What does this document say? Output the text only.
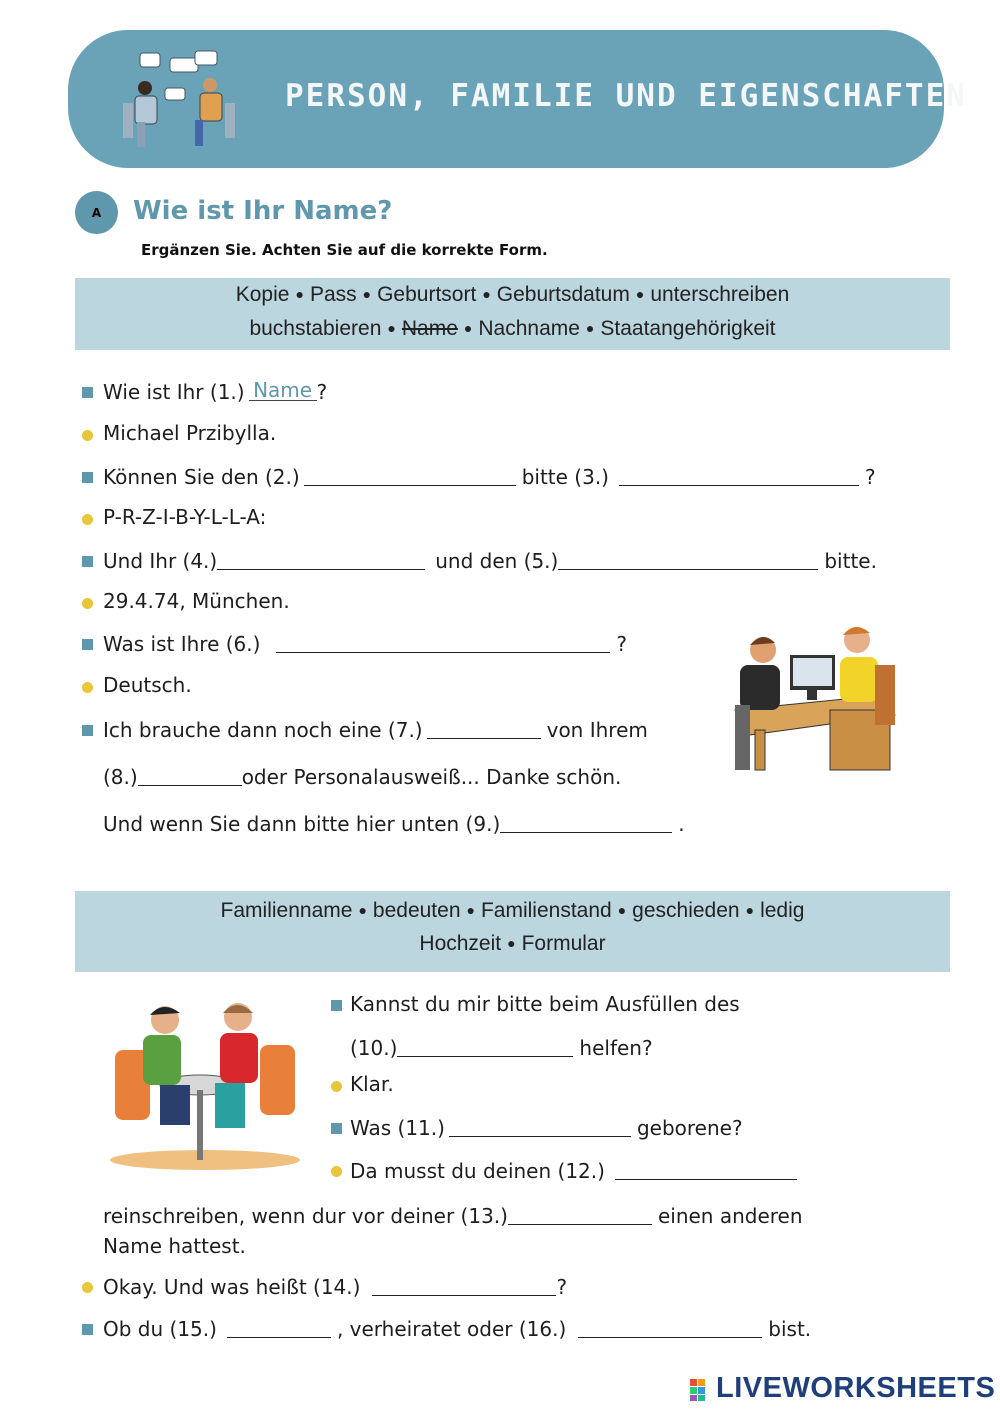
PERSON, FAMILIE UND EIGENSCHAFTEN
A	Wie ist Ihr Name?
Ergänzen Sie. Achten Sie auf die korrekte Form.
Kopie ● Pass ● Geburtsort ● Geburtsdatum ● unterschreiben
buchstabieren ● Name ● Nachname ● Staatangehörigkeit
Wie ist Ihr (1.) Name ?
Michael Przibylla.
Können Sie den (2.)	bitte (3.)	?
P-R-Z-I-B-Y-L-L-A:
Und Ihr (4.)	und den (5.)	bitte.
29.4.74, München.
Was ist Ihre (6.)	?
Deutsch.
Ich brauche dann noch eine (7.)	von Ihrem
(8.)	oder Personalausweiß... Danke schön.
Und wenn Sie dann bitte hier unten (9.)	.
Familienname ● bedeuten ● Familienstand ● geschieden ● ledig
Hochzeit ● Formular
Kannst du mir bitte beim Ausfüllen des
(10.)	helfen?
Klar.
Was (11.)	geborene?
Da musst du deinen (12.)
reinschreiben, wenn dur vor deiner (13.)	einen anderen
Name hattest.
Okay. Und was heißt (14.)	?
Ob du (15.)	, verheiratet oder (16.)	bist.
LIVEWORKSHEETS
